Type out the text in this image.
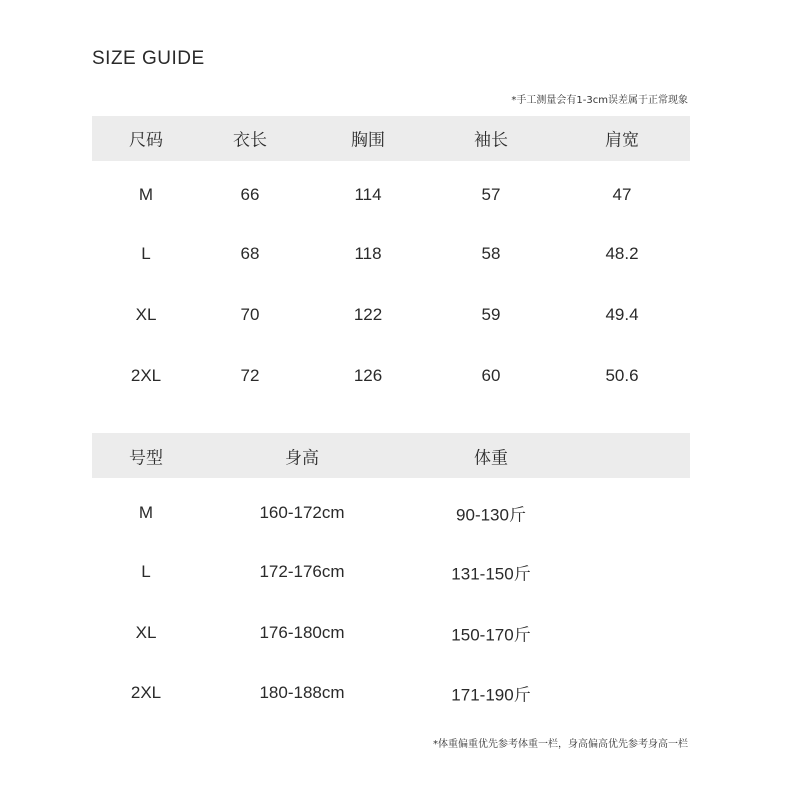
SIZE GUIDE
*手工测量会有1-3cm误差属于正常现象
尺码	衣长	胸围	袖长	肩宽
M	66	114	57	47
L	68	118	58	48.2
XL	70	122	59	49.4
2XL	72	126	60	50.6
号型	身高	体重
M	160-172cm	90-130斤
L	172-176cm	131-150斤
XL	176-180cm	150-170斤
2XL	180-188cm	171-190斤
*体重偏重优先参考体重一栏，身高偏高优先参考身高一栏
